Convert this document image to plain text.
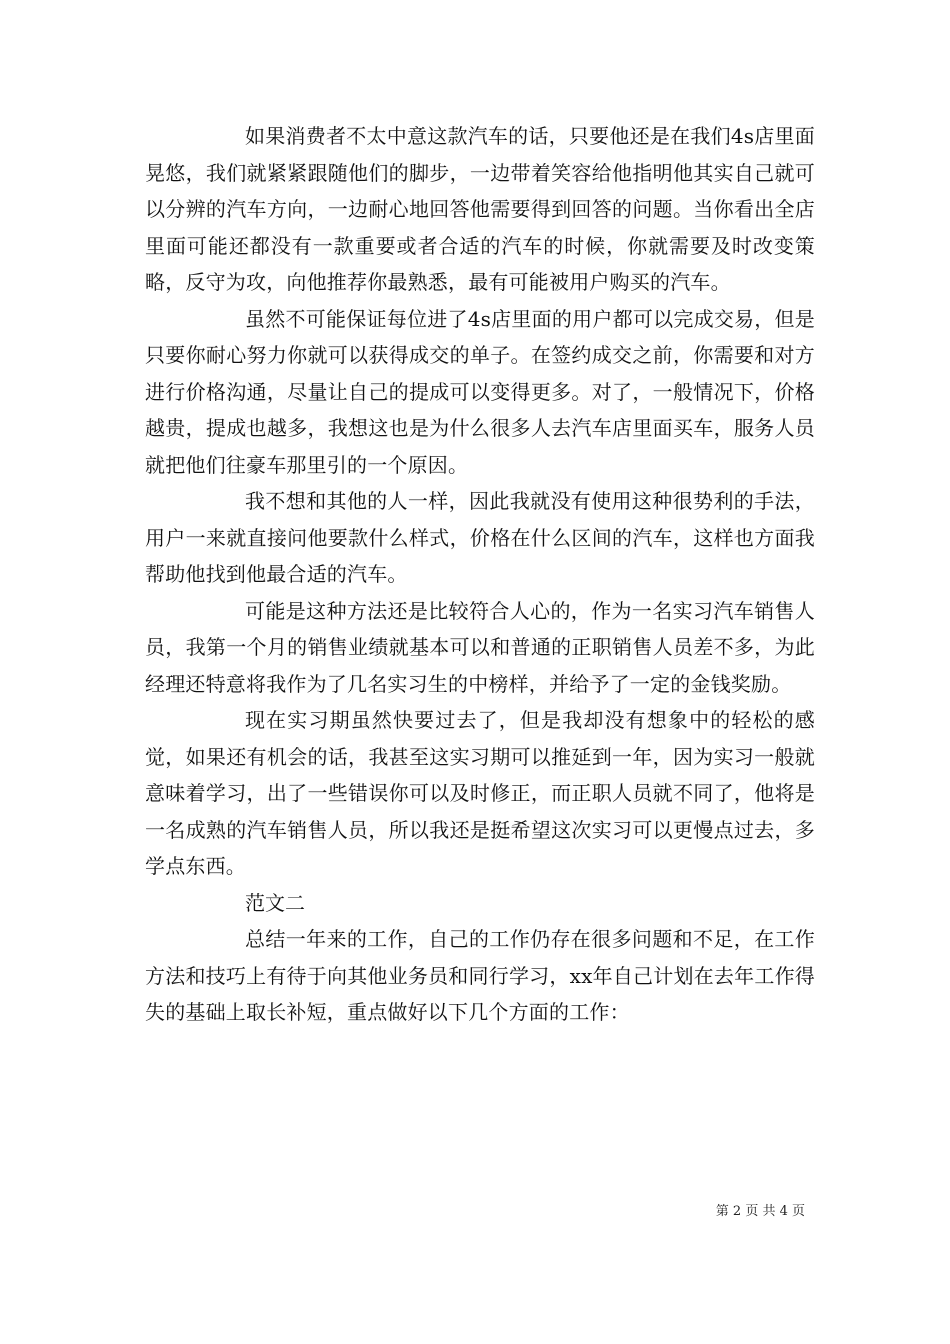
如果消费者不太中意这款汽车的话，只要他还是在我们4s店里面晃悠，我们就紧紧跟随他们的脚步，一边带着笑容给他指明他其实自己就可以分辨的汽车方向，一边耐心地回答他需要得到回答的问题。当你看出全店里面可能还都没有一款重要或者合适的汽车的时候，你就需要及时改变策略，反守为攻，向他推荐你最熟悉，最有可能被用户购买的汽车。

虽然不可能保证每位进了4s店里面的用户都可以完成交易，但是只要你耐心努力你就可以获得成交的单子。在签约成交之前，你需要和对方进行价格沟通，尽量让自己的提成可以变得更多。对了，一般情况下，价格越贵，提成也越多，我想这也是为什么很多人去汽车店里面买车，服务人员就把他们往豪车那里引的一个原因。

我不想和其他的人一样，因此我就没有使用这种很势利的手法，用户一来就直接问他要款什么样式，价格在什么区间的汽车，这样也方面我帮助他找到他最合适的汽车。

可能是这种方法还是比较符合人心的，作为一名实习汽车销售人员，我第一个月的销售业绩就基本可以和普通的正职销售人员差不多，为此经理还特意将我作为了几名实习生的中榜样，并给予了一定的金钱奖励。

现在实习期虽然快要过去了，但是我却没有想象中的轻松的感觉，如果还有机会的话，我甚至这实习期可以推延到一年，因为实习一般就意味着学习，出了一些错误你可以及时修正，而正职人员就不同了，他将是一名成熟的汽车销售人员，所以我还是挺希望这次实习可以更慢点过去，多学点东西。

范文二

总结一年来的工作，自己的工作仍存在很多问题和不足，在工作方法和技巧上有待于向其他业务员和同行学习，xx年自己计划在去年工作得失的基础上取长补短，重点做好以下几个方面的工作：

第 2 页 共 4 页
